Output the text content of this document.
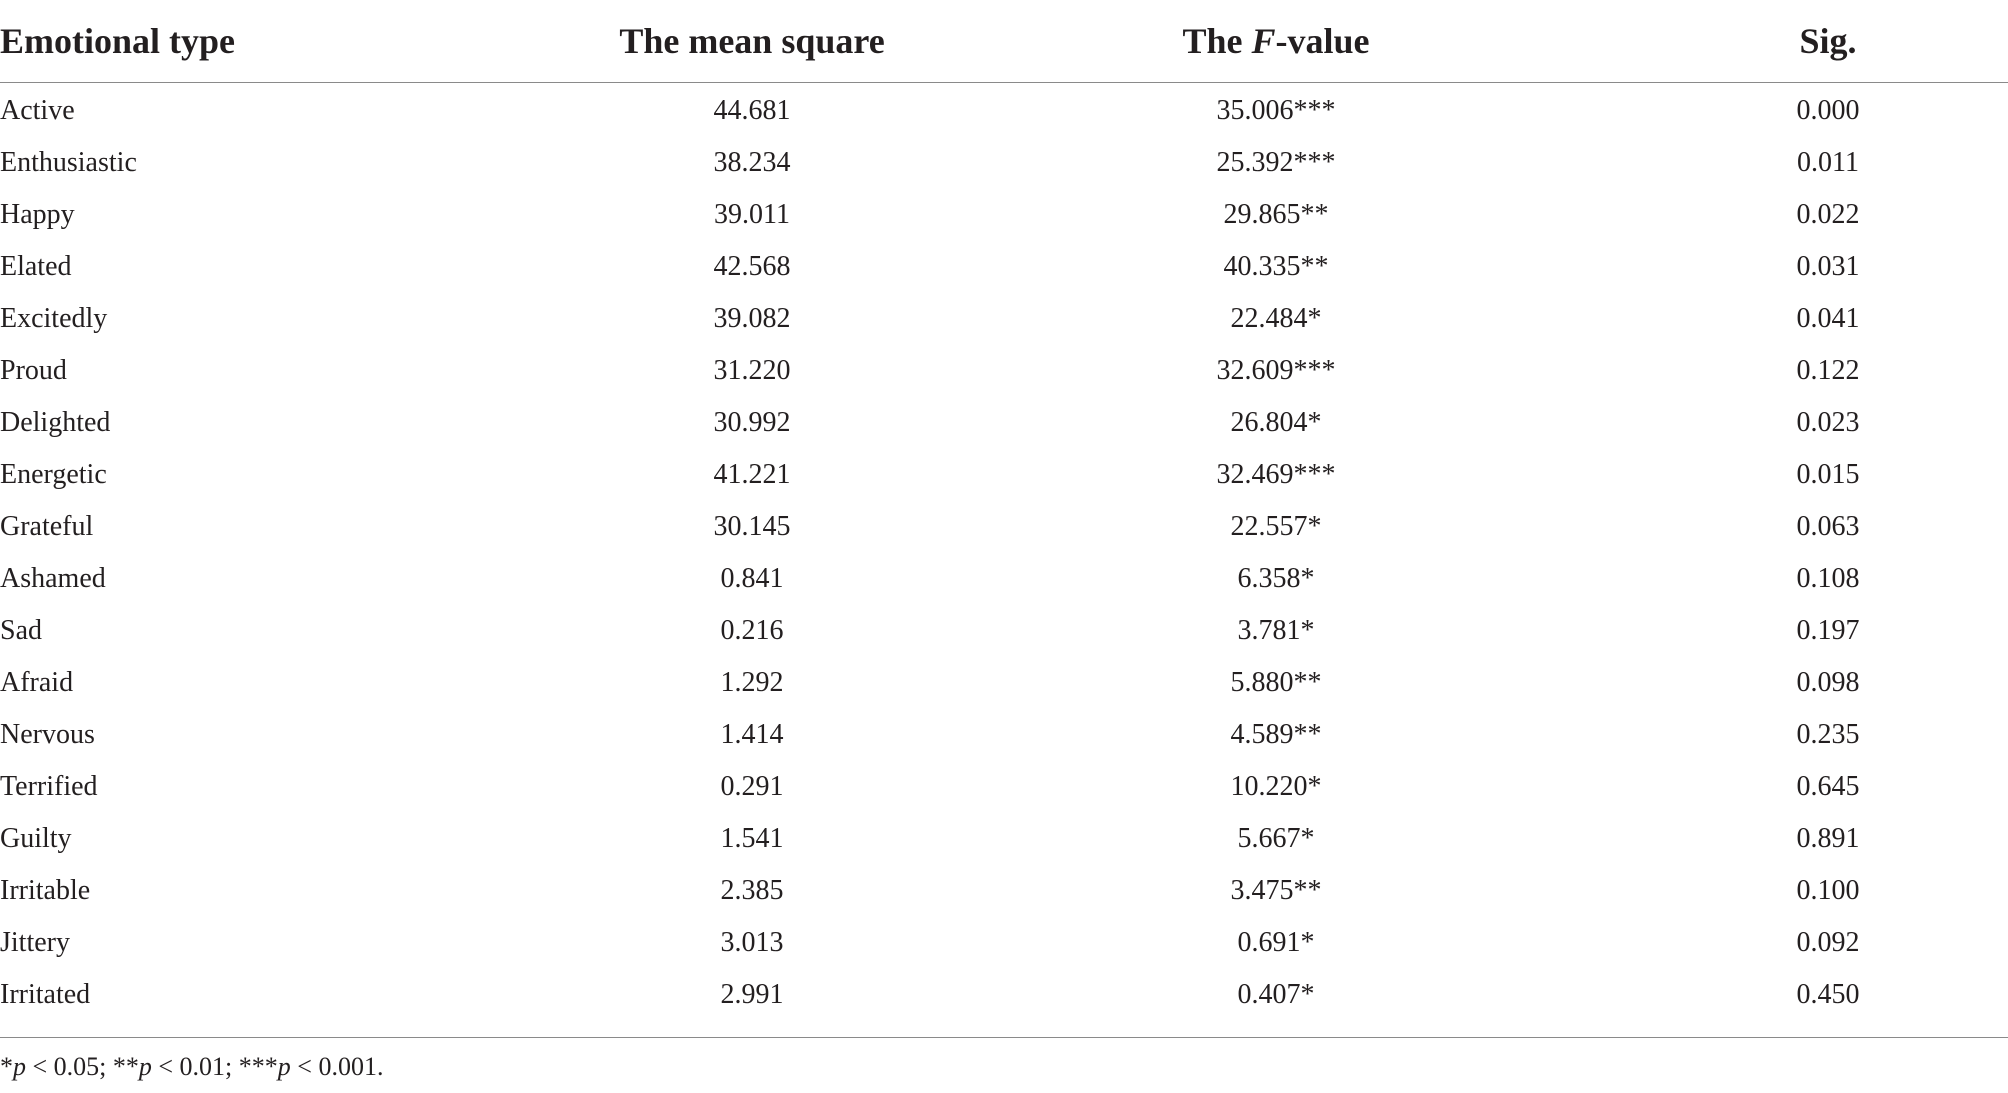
Emotional type	The mean square	The F-value	Sig.
Active	44.681	35.006***	0.000
Enthusiastic	38.234	25.392***	0.011
Happy	39.011	29.865**	0.022
Elated	42.568	40.335**	0.031
Excitedly	39.082	22.484*	0.041
Proud	31.220	32.609***	0.122
Delighted	30.992	26.804*	0.023
Energetic	41.221	32.469***	0.015
Grateful	30.145	22.557*	0.063
Ashamed	0.841	6.358*	0.108
Sad	0.216	3.781*	0.197
Afraid	1.292	5.880**	0.098
Nervous	1.414	4.589**	0.235
Terrified	0.291	10.220*	0.645
Guilty	1.541	5.667*	0.891
Irritable	2.385	3.475**	0.100
Jittery	3.013	0.691*	0.092
Irritated	2.991	0.407*	0.450
*p < 0.05; **p < 0.01; ***p < 0.001.
